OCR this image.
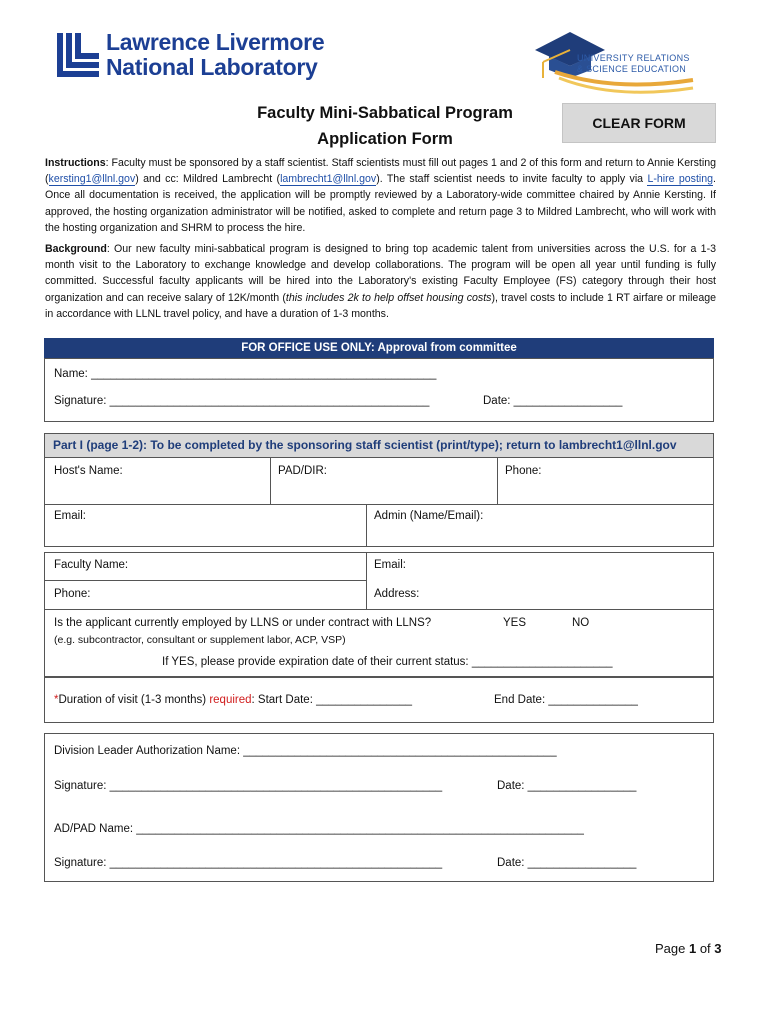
Lawrence Livermore
National Laboratory	UNIVERSITY RELATIONS
& SCIENCE EDUCATION
Faculty Mini-Sabbatical Program
Application Form
CLEAR FORM
Instructions: Faculty must be sponsored by a staff scientist. Staff scientists must fill out pages 1 and 2 of this form and return to Annie Kersting (kersting1@llnl.gov) and cc: Mildred Lambrecht (lambrecht1@llnl.gov). The staff scientist needs to invite faculty to apply via L-hire posting. Once all documentation is received, the application will be promptly reviewed by a Laboratory-wide committee chaired by Annie Kersting. If approved, the hosting organization administrator will be notified, asked to complete and return page 3 to Mildred Lambrecht, who will work with the hosting organization and SHRM to process the hire.
Background: Our new faculty mini-sabbatical program is designed to bring top academic talent from universities across the U.S. for a 1-3 month visit to the Laboratory to exchange knowledge and develop collaborations. The program will be open all year until funding is fully committed. Successful faculty applicants will be hired into the Laboratory's existing Faculty Employee (FS) category through their host organization and can receive salary of 12K/month (this includes 2k to help offset housing costs), travel costs to include 1 RT airfare or mileage in accordance with LLNL travel policy, and have a duration of 1-3 months.
FOR OFFICE USE ONLY: Approval from committee
Name: ______________________________________________________
Signature: __________________________________________________	Date: _________________
Part I (page 1-2): To be completed by the sponsoring staff scientist (print/type); return to lambrecht1@llnl.gov
Host's Name:	PAD/DIR:	Phone:
Email:	Admin (Name/Email):
Faculty Name:	Email:
Phone:	Address:
Is the applicant currently employed by LLNS or under contract with LLNS?	YES	NO
(e.g. subcontractor, consultant or supplement labor, ACP, VSP)
If YES, please provide expiration date of their current status: ______________________
*Duration of visit (1-3 months) required: Start Date: _______________	End Date: ______________
Division Leader Authorization Name: _________________________________________________
Signature: ____________________________________________________	Date: _________________
AD/PAD Name: ______________________________________________________________________
Signature: ____________________________________________________	Date: _________________
Page 1 of 3
